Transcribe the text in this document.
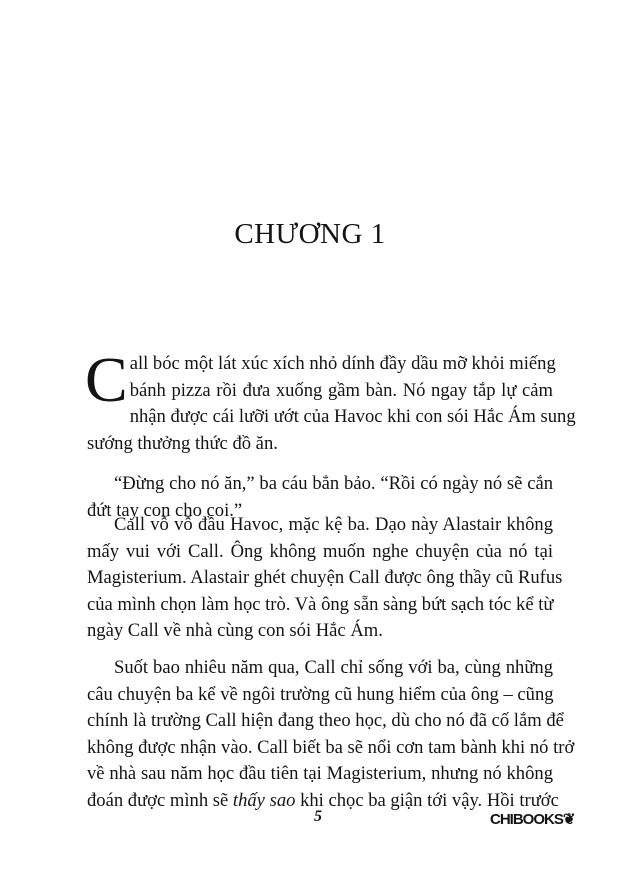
CHƯƠNG 1
C all bóc một lát xúc xích nhỏ dính đầy dầu mỡ khỏi miếng
bánh pizza rồi đưa xuống gầm bàn. Nó ngay tắp lự cảm
nhận được cái lưỡi ướt của Havoc khi con sói Hắc Ám sung
sướng thưởng thức đồ ăn.
“Đừng cho nó ăn,” ba cáu bẳn bảo. “Rồi có ngày nó sẽ cắn
đứt tay con cho coi.”
Call vỗ vỗ đầu Havoc, mặc kệ ba. Dạo này Alastair không
mấy vui với Call. Ông không muốn nghe chuyện của nó tại
Magisterium. Alastair ghét chuyện Call được ông thầy cũ Rufus
của mình chọn làm học trò. Và ông sẵn sàng bứt sạch tóc kể từ
ngày Call về nhà cùng con sói Hắc Ám.
Suốt bao nhiêu năm qua, Call chỉ sống với ba, cùng những
câu chuyện ba kể về ngôi trường cũ hung hiểm của ông – cũng
chính là trường Call hiện đang theo học, dù cho nó đã cố lắm để
không được nhận vào. Call biết ba sẽ nổi cơn tam bành khi nó trở
về nhà sau năm học đầu tiên tại Magisterium, nhưng nó không
đoán được mình sẽ thấy sao khi chọc ba giận tới vậy. Hồi trước
5	CHIBOOKS❦
